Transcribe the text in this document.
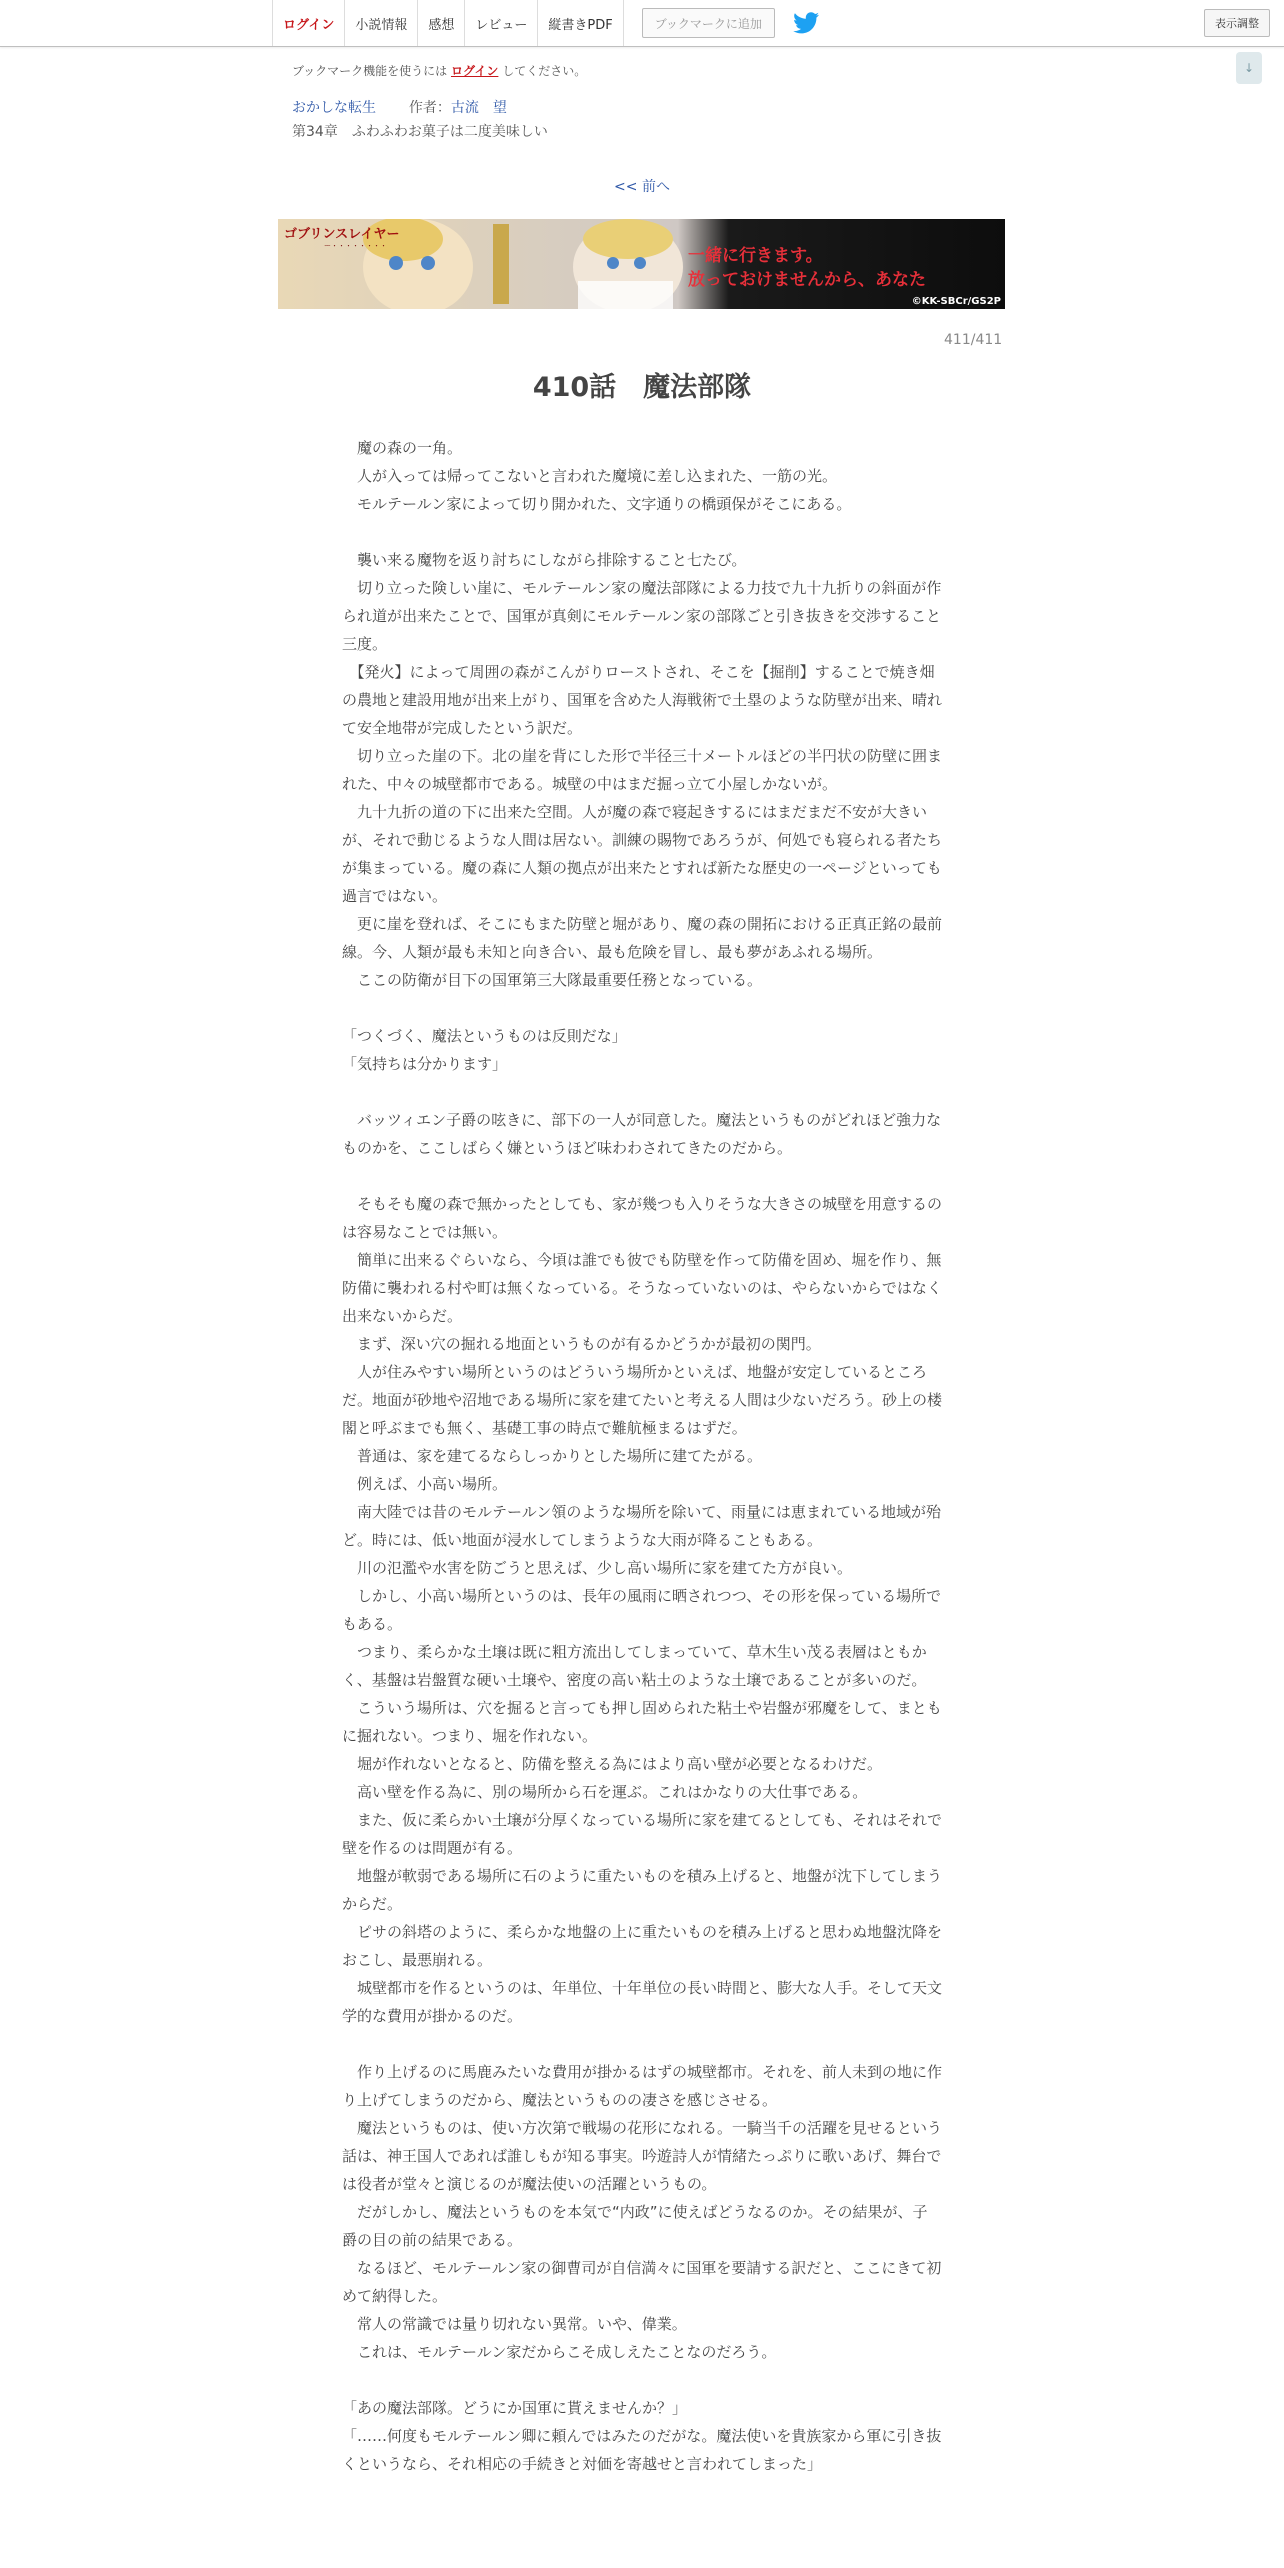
ログイン	小説情報	感想	レビュー	縦書きPDF	ブックマークに追加	表示調整
↓
ブックマーク機能を使うには ログイン してください。
おかしな転生 作者：古流　望
第34章　ふわふわお菓子は二度美味しい
<< 前へ
ゴブリンスレイヤー
ー・・・・・・・・	一緒に行きます。
放っておけませんから、あなた
©KK-SBCr/GS2P
411/411
410話　魔法部隊

　魔の森の一角。

　人が入っては帰ってこないと言われた魔境に差し込まれた、一筋の光。

　モルテールン家によって切り開かれた、文字通りの橋頭保がそこにある。

　襲い来る魔物を返り討ちにしながら排除すること七たび。

　切り立った険しい崖に、モルテールン家の魔法部隊による力技で九十九折りの斜面が作られ道が出来たことで、国軍が真剣にモルテールン家の部隊ごと引き抜きを交渉すること三度。

　【発火】によって周囲の森がこんがりローストされ、そこを【掘削】することで焼き畑の農地と建設用地が出来上がり、国軍を含めた人海戦術で土塁のような防壁が出来、晴れて安全地帯が完成したという訳だ。

　切り立った崖の下。北の崖を背にした形で半径三十メートルほどの半円状の防壁に囲まれた、中々の城壁都市である。城壁の中はまだ掘っ立て小屋しかないが。

　九十九折の道の下に出来た空間。人が魔の森で寝起きするにはまだまだ不安が大きいが、それで動じるような人間は居ない。訓練の賜物であろうが、何処でも寝られる者たちが集まっている。魔の森に人類の拠点が出来たとすれば新たな歴史の一ページといっても過言ではない。

　更に崖を登れば、そこにもまた防壁と堀があり、魔の森の開拓における正真正銘の最前線。今、人類が最も未知と向き合い、最も危険を冒し、最も夢があふれる場所。

　ここの防衛が目下の国軍第三大隊最重要任務となっている。

「つくづく、魔法というものは反則だな」

「気持ちは分かります」

　バッツィエン子爵の呟きに、部下の一人が同意した。魔法というものがどれほど強力なものかを、ここしばらく嫌というほど味わわされてきたのだから。

　そもそも魔の森で無かったとしても、家が幾つも入りそうな大きさの城壁を用意するのは容易なことでは無い。

　簡単に出来るぐらいなら、今頃は誰でも彼でも防壁を作って防備を固め、堀を作り、無防備に襲われる村や町は無くなっている。そうなっていないのは、やらないからではなく出来ないからだ。

　まず、深い穴の掘れる地面というものが有るかどうかが最初の関門。

　人が住みやすい場所というのはどういう場所かといえば、地盤が安定しているところだ。地面が砂地や沼地である場所に家を建てたいと考える人間は少ないだろう。砂上の楼閣と呼ぶまでも無く、基礎工事の時点で難航極まるはずだ。

　普通は、家を建てるならしっかりとした場所に建てたがる。

　例えば、小高い場所。

　南大陸では昔のモルテールン領のような場所を除いて、雨量には恵まれている地域が殆ど。時には、低い地面が浸水してしまうような大雨が降ることもある。

　川の氾濫や水害を防ごうと思えば、少し高い場所に家を建てた方が良い。

　しかし、小高い場所というのは、長年の風雨に晒されつつ、その形を保っている場所でもある。

　つまり、柔らかな土壌は既に粗方流出してしまっていて、草木生い茂る表層はともかく、基盤は岩盤質な硬い土壌や、密度の高い粘土のような土壌であることが多いのだ。

　こういう場所は、穴を掘ると言っても押し固められた粘土や岩盤が邪魔をして、まともに掘れない。つまり、堀を作れない。

　堀が作れないとなると、防備を整える為にはより高い壁が必要となるわけだ。

　高い壁を作る為に、別の場所から石を運ぶ。これはかなりの大仕事である。

　また、仮に柔らかい土壌が分厚くなっている場所に家を建てるとしても、それはそれで壁を作るのは問題が有る。

　地盤が軟弱である場所に石のように重たいものを積み上げると、地盤が沈下してしまうからだ。

　ピサの斜塔のように、柔らかな地盤の上に重たいものを積み上げると思わぬ地盤沈降をおこし、最悪崩れる。

　城壁都市を作るというのは、年単位、十年単位の長い時間と、膨大な人手。そして天文学的な費用が掛かるのだ。

　作り上げるのに馬鹿みたいな費用が掛かるはずの城壁都市。それを、前人未到の地に作り上げてしまうのだから、魔法というものの凄さを感じさせる。

　魔法というものは、使い方次第で戦場の花形になれる。一騎当千の活躍を見せるという話は、神王国人であれば誰しもが知る事実。吟遊詩人が情緒たっぷりに歌いあげ、舞台では役者が堂々と演じるのが魔法使いの活躍というもの。

　だがしかし、魔法というものを本気で“内政”に使えばどうなるのか。その結果が、子爵の目の前の結果である。

　なるほど、モルテールン家の御曹司が自信満々に国軍を要請する訳だと、ここにきて初めて納得した。

　常人の常識では量り切れない異常。いや、偉業。

　これは、モルテールン家だからこそ成しえたことなのだろう。

「あの魔法部隊。どうにか国軍に貰えませんか？」

「……何度もモルテールン卿に頼んではみたのだがな。魔法使いを貴族家から軍に引き抜くというなら、それ相応の手続きと対価を寄越せと言われてしまった」
